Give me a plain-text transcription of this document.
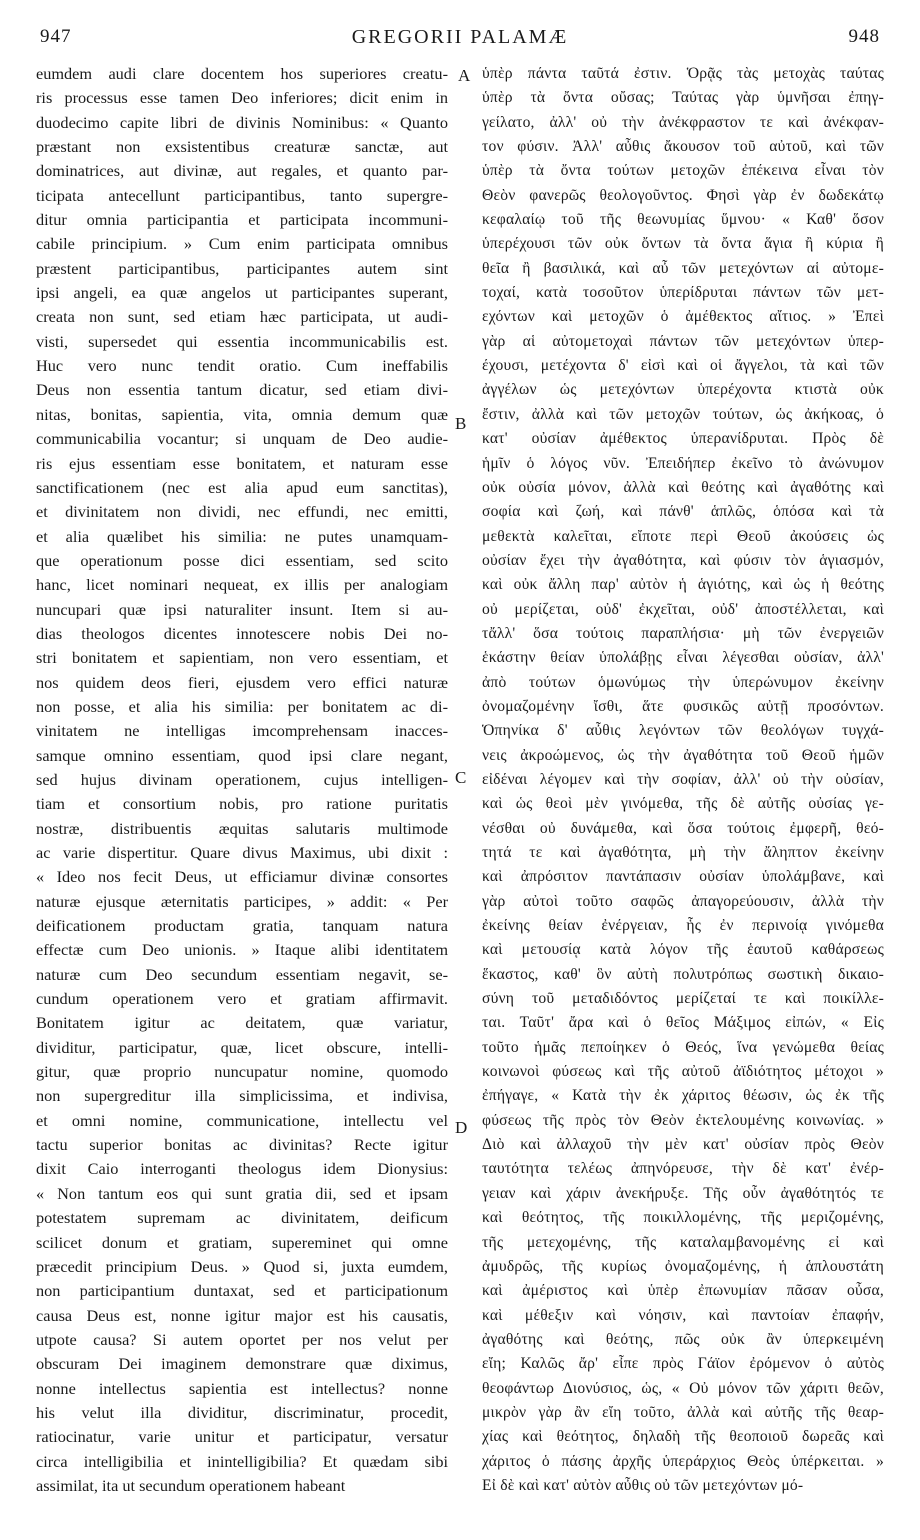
947	GREGORII PALAMÆ	948
eumdem audi clare docentem hos superiores creatu-
ris processus esse tamen Deo inferiores; dicit enim in
duodecimo capite libri de divinis Nominibus: « Quanto
præstant non exsistentibus creaturæ sanctæ, aut
dominatrices, aut divinæ, aut regales, et quanto par-
ticipata antecellunt participantibus, tanto supergre-
ditur omnia participantia et participata incommuni-
cabile principium. » Cum enim participata omnibus
præstent participantibus, participantes autem sint
ipsi angeli, ea quæ angelos ut participantes superant,
creata non sunt, sed etiam hæc participata, ut audi-
visti, supersedet qui essentia incommunicabilis est.
Huc vero nunc tendit oratio. Cum ineffabilis
Deus non essentia tantum dicatur, sed etiam divi-
nitas, bonitas, sapientia, vita, omnia demum quæ
communicabilia vocantur; si unquam de Deo audie-
ris ejus essentiam esse bonitatem, et naturam esse
sanctificationem (nec est alia apud eum sanctitas),
et divinitatem non dividi, nec effundi, nec emitti,
et alia quælibet his similia: ne putes unamquam-
que operationum posse dici essentiam, sed scito
hanc, licet nominari nequeat, ex illis per analogiam
nuncupari quæ ipsi naturaliter insunt. Item si au-
dias theologos dicentes innotescere nobis Dei no-
stri bonitatem et sapientiam, non vero essentiam, et
nos quidem deos fieri, ejusdem vero effici naturæ
non posse, et alia his similia: per bonitatem ac di-
vinitatem ne intelligas imcomprehensam inacces-
samque omnino essentiam, quod ipsi clare negant,
sed hujus divinam operationem, cujus intelligen-
tiam et consortium nobis, pro ratione puritatis
nostræ, distribuentis æquitas salutaris multimode
ac varie dispertitur. Quare divus Maximus, ubi dixit :
« Ideo nos fecit Deus, ut efficiamur divinæ consortes
naturæ ejusque æternitatis participes, » addit: « Per
deificationem productam gratia, tanquam natura
effectæ cum Deo unionis. » Itaque alibi identitatem
naturæ cum Deo secundum essentiam negavit, se-
cundum operationem vero et gratiam affirmavit.
Bonitatem igitur ac deitatem, quæ variatur,
dividitur, participatur, quæ, licet obscure, intelli-
gitur, quæ proprio nuncupatur nomine, quomodo
non supergreditur illa simplicissima, et indivisa,
et omni nomine, communicatione, intellectu vel
tactu superior bonitas ac divinitas? Recte igitur
dixit Caio interroganti theologus idem Dionysius:
« Non tantum eos qui sunt gratia dii, sed et ipsam
potestatem supremam ac divinitatem, deificum
scilicet donum et gratiam, supereminet qui omne
præcedit principium Deus. » Quod si, juxta eumdem,
non participantium duntaxat, sed et participationum
causa Deus est, nonne igitur major est his causatis,
utpote causa? Si autem oportet per nos velut per
obscuram Dei imaginem demonstrare quæ diximus,
nonne intellectus sapientia est intellectus? nonne
his velut illa dividitur, discriminatur, procedit,
ratiocinatur, varie unitur et participatur, versatur
circa intelligibilia et inintelligibilia? Et quædam sibi
assimilat, ita ut secundum operationem habeant
ὑπὲρ πάντα ταῦτά ἐστιν. Ὁρᾷς τὰς μετοχὰς ταύτας
ὑπὲρ τὰ ὄντα οὔσας; Ταύτας γὰρ ὑμνῆσαι ἐπηγ-
γείλατο, ἀλλ' οὐ τὴν ἀνέκφραστον τε καὶ ἀνέκφαν-
τον φύσιν. Ἀλλ' αὖθις ἄκουσον τοῦ αὐτοῦ, καὶ τῶν
ὑπὲρ τὰ ὄντα τούτων μετοχῶν ἐπέκεινα εἶναι τὸν
Θεὸν φανερῶς θεολογοῦντος. Φησὶ γὰρ ἐν δωδεκάτῳ
κεφαλαίῳ τοῦ τῆς θεωνυμίας ὕμνου· « Καθ' ὅσον
ὑπερέχουσι τῶν οὐκ ὄντων τὰ ὄντα ἅγια ἢ κύρια ἢ
θεῖα ἢ βασιλικά, καὶ αὖ τῶν μετεχόντων αἱ αὐτομε-
τοχαί, κατὰ τοσοῦτον ὑπερίδρυται πάντων τῶν μετ-
εχόντων καὶ μετοχῶν ὁ ἀμέθεκτος αἴτιος. » Ἐπεὶ
γὰρ αἱ αὐτομετοχαὶ πάντων τῶν μετεχόντων ὑπερ-
έχουσι, μετέχοντα δ' εἰσὶ καὶ οἱ ἄγγελοι, τὰ καὶ τῶν
ἀγγέλων ὡς μετεχόντων ὑπερέχοντα κτιστὰ οὐκ
ἔστιν, ἀλλὰ καὶ τῶν μετοχῶν τούτων, ὡς ἀκήκοας, ὁ
κατ' οὐσίαν ἀμέθεκτος ὑπερανίδρυται. Πρὸς δὲ
ἡμῖν ὁ λόγος νῦν. Ἐπειδήπερ ἐκεῖνο τὸ ἀνώνυμον
οὐκ οὐσία μόνον, ἀλλὰ καὶ θεότης καὶ ἀγαθότης καὶ
σοφία καὶ ζωή, καὶ πάνθ' ἁπλῶς, ὁπόσα καὶ τὰ
μεθεκτὰ καλεῖται, εἴποτε περὶ Θεοῦ ἀκούσεις ὡς
οὐσίαν ἔχει τὴν ἀγαθότητα, καὶ φύσιν τὸν ἁγιασμόν,
καὶ οὐκ ἄλλη παρ' αὐτὸν ἡ ἁγιότης, καὶ ὡς ἡ θεότης
οὐ μερίζεται, οὐδ' ἐκχεῖται, οὐδ' ἀποστέλλεται, καὶ
τἄλλ' ὅσα τούτοις παραπλήσια· μὴ τῶν ἐνεργειῶν
ἑκάστην θείαν ὑπολάβῃς εἶναι λέγεσθαι οὐσίαν, ἀλλ'
ἀπὸ τούτων ὁμωνύμως τὴν ὑπερώνυμον ἐκείνην
ὀνομαζομένην ἴσθι, ἅτε φυσικῶς αὐτῇ προσόντων.
Ὁπηνίκα δ' αὖθις λεγόντων τῶν θεολόγων τυγχά-
νεις ἀκροώμενος, ὡς τὴν ἀγαθότητα τοῦ Θεοῦ ἡμῶν
εἰδέναι λέγομεν καὶ τὴν σοφίαν, ἀλλ' οὐ τὴν οὐσίαν,
καὶ ὡς θεοὶ μὲν γινόμεθα, τῆς δὲ αὐτῆς οὐσίας γε-
νέσθαι οὐ δυνάμεθα, καὶ ὅσα τούτοις ἐμφερῆ, θεό-
τητά τε καὶ ἀγαθότητα, μὴ τὴν ἄληπτον ἐκείνην
καὶ ἀπρόσιτον παντάπασιν οὐσίαν ὑπολάμβανε, καὶ
γὰρ αὐτοὶ τοῦτο σαφῶς ἀπαγορεύουσιν, ἀλλὰ τὴν
ἐκείνης θείαν ἐνέργειαν, ἧς ἐν περινοίᾳ γινόμεθα
καὶ μετουσίᾳ κατὰ λόγον τῆς ἑαυτοῦ καθάρσεως
ἕκαστος, καθ' ὃν αὐτὴ πολυτρόπως σωστικὴ δικαιο-
σύνη τοῦ μεταδιδόντος μερίζεταί τε καὶ ποικίλλε-
ται. Ταῦτ' ἄρα καὶ ὁ θεῖος Μάξιμος εἰπών, « Εἰς
τοῦτο ἡμᾶς πεποίηκεν ὁ Θεός, ἵνα γενώμεθα θείας
κοινωνοὶ φύσεως καὶ τῆς αὐτοῦ ἀϊδιότητος μέτοχοι »
ἐπήγαγε, « Κατὰ τὴν ἐκ χάριτος θέωσιν, ὡς ἐκ τῆς
φύσεως τῆς πρὸς τὸν Θεὸν ἐκτελουμένης κοινωνίας. »
Διὸ καὶ ἀλλαχοῦ τὴν μὲν κατ' οὐσίαν πρὸς Θεὸν
ταυτότητα τελέως ἀπηνόρευσε, τὴν δὲ κατ' ἐνέρ-
γειαν καὶ χάριν ἀνεκήρυξε. Τῆς οὖν ἀγαθότητός τε
καὶ θεότητος, τῆς ποικιλλομένης, τῆς μεριζομένης,
τῆς μετεχομένης, τῆς καταλαμβανομένης εἰ καὶ
ἀμυδρῶς, τῆς κυρίως ὀνομαζομένης, ἡ ἁπλουστάτη
καὶ ἀμέριστος καὶ ὑπὲρ ἐπωνυμίαν πᾶσαν οὖσα,
καὶ μέθεξιν καὶ νόησιν, καὶ παντοίαν ἐπαφήν,
ἀγαθότης καὶ θεότης, πῶς οὐκ ἂν ὑπερκειμένη
εἴη; Καλῶς ἄρ' εἶπε πρὸς Γάϊον ἐρόμενον ὁ αὐτὸς
θεοφάντωρ Διονύσιος, ὡς, « Οὐ μόνον τῶν χάριτι θεῶν,
μικρὸν γὰρ ἂν εἴη τοῦτο, ἀλλὰ καὶ αὐτῆς τῆς θεαρ-
χίας καὶ θεότητος, δηλαδὴ τῆς θεοποιοῦ δωρεᾶς καὶ
χάριτος ὁ πάσης ἀρχῆς ὑπεράρχιος Θεὸς ὑπέρκειται. »
Εἰ δὲ καὶ κατ' αὐτὸν αὖθις οὐ τῶν μετεχόντων μό-
A
B
C
D
